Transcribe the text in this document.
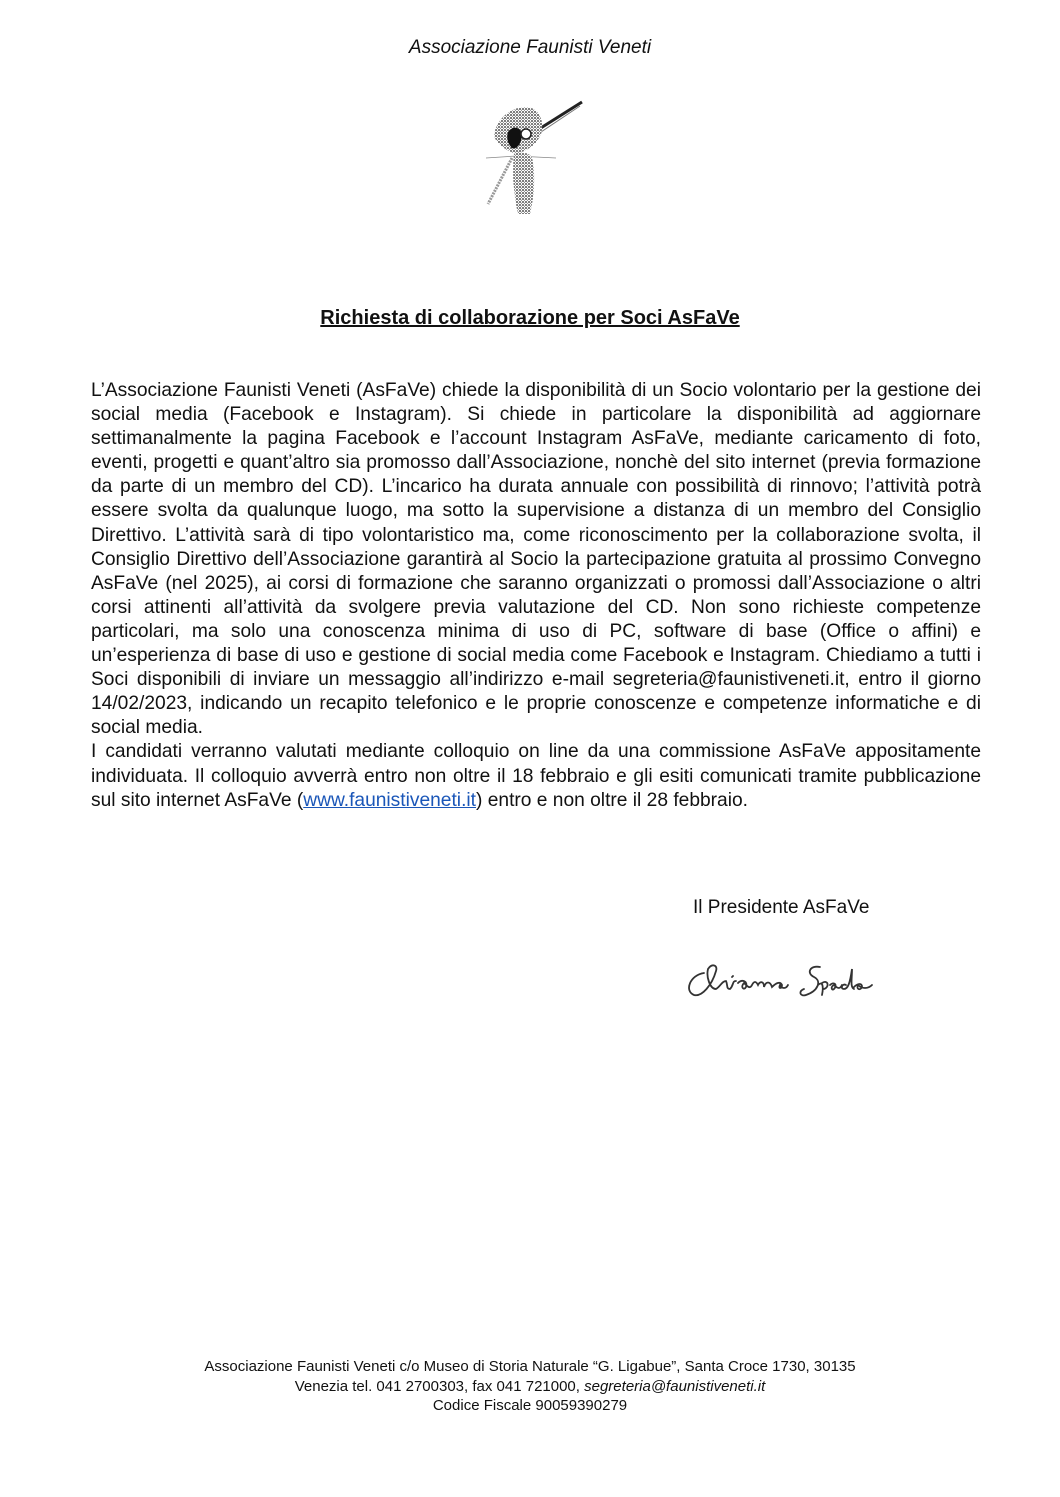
Associazione Faunisti Veneti
Richiesta di collaborazione per Soci AsFaVe

L’Associazione Faunisti Veneti (AsFaVe) chiede la disponibilità di un Socio volontario per la gestione dei social media (Facebook e Instagram). Si chiede in particolare la disponibilità ad aggiornare settimanalmente la pagina Facebook e l’account Instagram AsFaVe, mediante caricamento di foto, eventi, progetti e quant’altro sia promosso dall’Associazione, nonchè del sito internet (previa formazione da parte di un membro del CD). L’incarico ha durata annuale con possibilità di rinnovo; l’attività potrà essere svolta da qualunque luogo, ma sotto la supervisione a distanza di un membro del Consiglio Direttivo. L’attività sarà di tipo volontaristico ma, come riconoscimento per la collaborazione svolta, il Consiglio Direttivo dell’Associazione garantirà al Socio la partecipazione gratuita al prossimo Convegno AsFaVe (nel 2025), ai corsi di formazione che saranno organizzati o promossi dall’Associazione o altri corsi attinenti all’attività da svolgere previa valutazione del CD. Non sono richieste competenze particolari, ma solo una conoscenza minima di uso di PC, software di base (Office o affini) e un’esperienza di base di uso e gestione di social media come Facebook e Instagram. Chiediamo a tutti i Soci disponibili di inviare un messaggio all’indirizzo e-mail segreteria@faunistiveneti.it, entro il giorno 14/02/2023, indicando un recapito telefonico e le proprie conoscenze e competenze informatiche e di social media.

I candidati verranno valutati mediante colloquio on line da una commissione AsFaVe appositamente individuata. Il colloquio avverrà entro non oltre il 18 febbraio e gli esiti comunicati tramite pubblicazione sul sito internet AsFaVe (www.faunistiveneti.it) entro e non oltre il 28 febbraio.

Il Presidente AsFaVe
Associazione Faunisti Veneti c/o Museo di Storia Naturale “G. Ligabue”, Santa Croce 1730, 30135
Venezia tel. 041 2700303, fax 041 721000, segreteria@faunistiveneti.it
Codice Fiscale 90059390279
